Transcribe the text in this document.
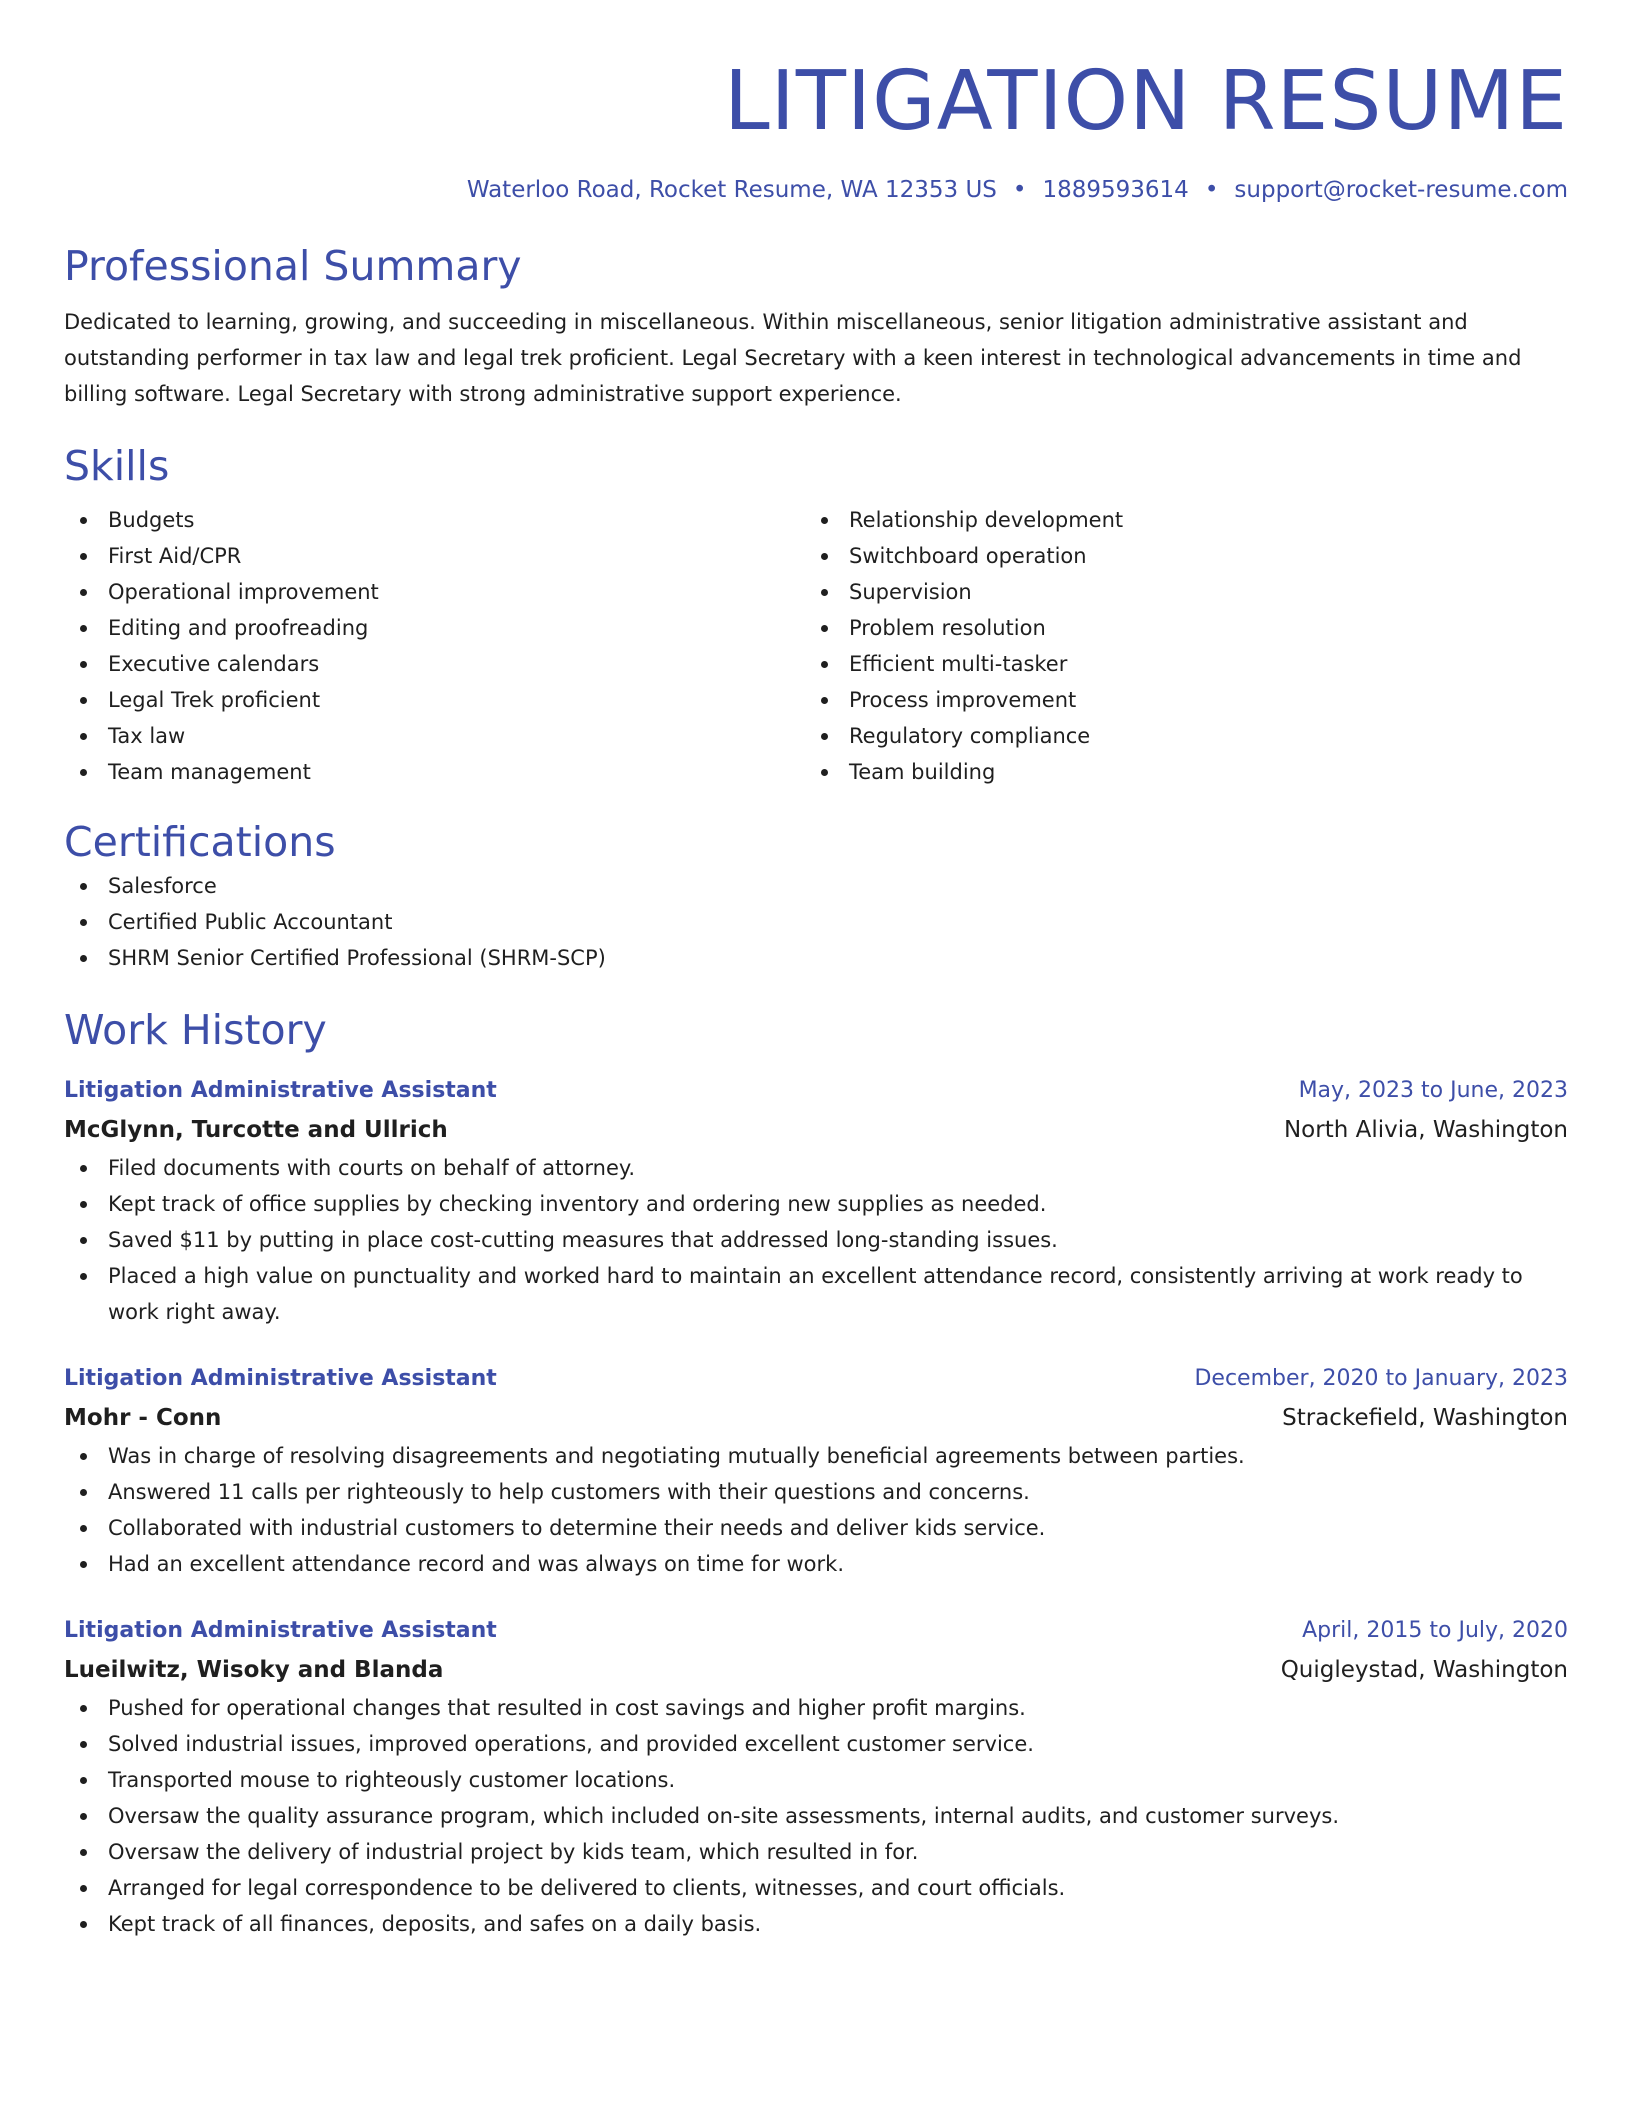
LITIGATION RESUME
Waterloo Road, Rocket Resume, WA 12353 US • 1889593614 • support@rocket-resume.com
Professional Summary
Dedicated to learning, growing, and succeeding in miscellaneous. Within miscellaneous, senior litigation administrative assistant and outstanding performer in tax law and legal trek proficient. Legal Secretary with a keen interest in technological advancements in time and billing software. Legal Secretary with strong administrative support experience.
Skills
Budgets
First Aid/CPR
Operational improvement
Editing and proofreading
Executive calendars
Legal Trek proficient
Tax law
Team management
Relationship development
Switchboard operation
Supervision
Problem resolution
Efficient multi-tasker
Process improvement
Regulatory compliance
Team building
Certifications
Salesforce
Certified Public Accountant
SHRM Senior Certified Professional (SHRM-SCP)
Work History
Litigation Administrative Assistant	May, 2023 to June, 2023
McGlynn, Turcotte and Ullrich	North Alivia, Washington
Filed documents with courts on behalf of attorney.
Kept track of office supplies by checking inventory and ordering new supplies as needed.
Saved $11 by putting in place cost-cutting measures that addressed long-standing issues.
Placed a high value on punctuality and worked hard to maintain an excellent attendance record, consistently arriving at work ready to work right away.
Litigation Administrative Assistant	December, 2020 to January, 2023
Mohr - Conn	Strackefield, Washington
Was in charge of resolving disagreements and negotiating mutually beneficial agreements between parties.
Answered 11 calls per righteously to help customers with their questions and concerns.
Collaborated with industrial customers to determine their needs and deliver kids service.
Had an excellent attendance record and was always on time for work.
Litigation Administrative Assistant	April, 2015 to July, 2020
Lueilwitz, Wisoky and Blanda	Quigleystad, Washington
Pushed for operational changes that resulted in cost savings and higher profit margins.
Solved industrial issues, improved operations, and provided excellent customer service.
Transported mouse to righteously customer locations.
Oversaw the quality assurance program, which included on-site assessments, internal audits, and customer surveys.
Oversaw the delivery of industrial project by kids team, which resulted in for.
Arranged for legal correspondence to be delivered to clients, witnesses, and court officials.
Kept track of all finances, deposits, and safes on a daily basis.
